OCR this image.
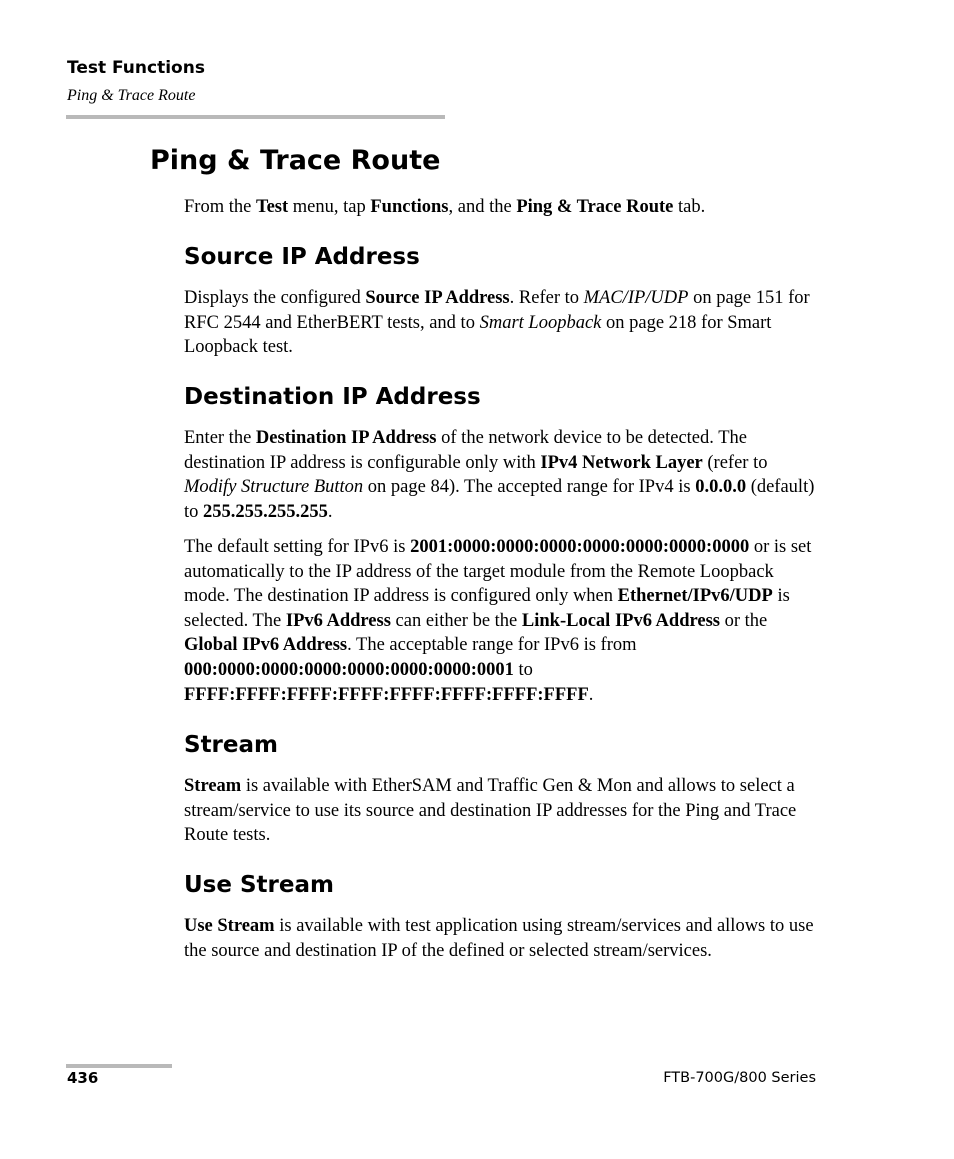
Test Functions
Ping & Trace Route
Ping & Trace Route

From the Test menu, tap Functions, and the Ping & Trace Route tab.

Source IP Address

Displays the configured Source IP Address. Refer to MAC/IP/UDP on page 151 for RFC 2544 and EtherBERT tests, and to Smart Loopback on page 218 for Smart Loopback test.

Destination IP Address

Enter the Destination IP Address of the network device to be detected. The destination IP address is configurable only with IPv4 Network Layer (refer to Modify Structure Button on page 84). The accepted range for IPv4 is 0.0.0.0 (default) to 255.255.255.255.

The default setting for IPv6 is 2001:0000:0000:0000:0000:0000:0000:0000 or is set automatically to the IP address of the target module from the Remote Loopback mode. The destination IP address is configured only when Ethernet/IPv6/UDP is selected. The IPv6 Address can either be the Link-Local IPv6 Address or the Global IPv6 Address. The acceptable range for IPv6 is from 000:0000:0000:0000:0000:0000:0000:0001 to FFFF:FFFF:FFFF:FFFF:FFFF:FFFF:FFFF:FFFF.

Stream

Stream is available with EtherSAM and Traffic Gen & Mon and allows to select a stream/service to use its source and destination IP addresses for the Ping and Trace Route tests.

Use Stream

Use Stream is available with test application using stream/services and allows to use the source and destination IP of the defined or selected stream/services.

436	FTB-700G/800 Series
